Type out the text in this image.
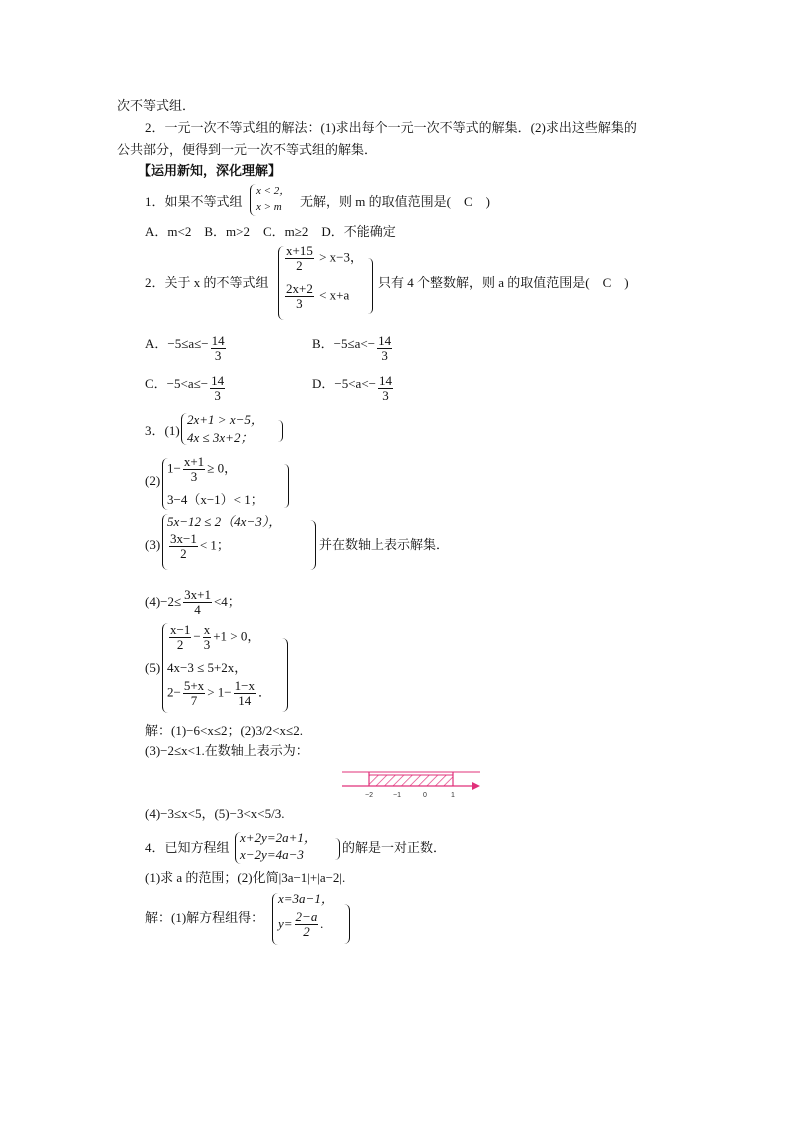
次不等式组．
2．一元一次不等式组的解法：(1)求出每个一元一次不等式的解集．(2)求出这些解集的
公共部分，便得到一元一次不等式组的解集．
【运用新知，深化理解】
1．如果不等式组
x < 2，
x > m 无解，则 m 的取值范围是(　C　)
A．m<2　B．m>2　C．m≥2　D．不能确定
2．关于 x 的不等式组
$\frac{x+15}{2} > x-3$，
$\frac{2x+2}{3} < x+a$
只有 4 个整数解，则 a 的取值范围是(　C　)
A．$-5\le a\le- \frac{14}{3}$	B．$-5\le a<- \frac{14}{3}$
C．$-5<a\le- \frac{14}{3}$	D．$-5<a<- \frac{14}{3}$
3．(1)
2x+1 > x−5，
4x ≤ 3x+2；
(2)
$1- \frac{x+1}{3} \ge 0$，
3−4（x−1）< 1；
(3)
5x−12 ≤ 2（4x−3），
$\frac{3x-1}{2} < 1$；	并在数轴上表示解集．
$(4)-2\le \frac{3x+1}{4} <4$；
(5)
$\frac{x-1}{2} - \frac{x}{3} +1 > 0$，
4x−3 ≤ 5+2x，
$2- \frac{5+x}{7} > 1- \frac{1-x}{14}$ ．
解：(1)−6<x≤2；(2)3/2<x≤2.
(3)−2≤x<1.在数轴上表示为：
−2	−1	0	1
(4)−3≤x<5，(5)−3<x<5/3.
4．已知方程组
x+2y=2a+1，
x−2y=4a−3	的解是一对正数．
(1)求 a 的范围；(2)化简|3a−1|+|a−2|.
解：(1)解方程组得：
x=3a−1，
$y= \frac{2-a}{2}$ .
